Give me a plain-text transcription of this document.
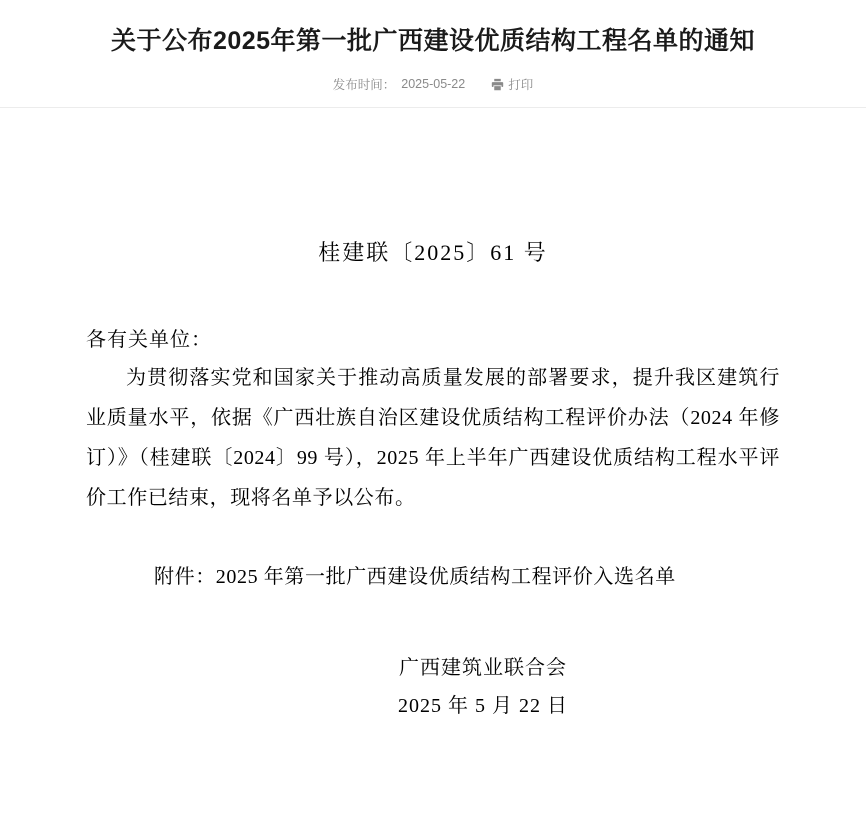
关于公布2025年第一批广西建设优质结构工程名单的通知
发布时间： 2025-05-22	打印

桂建联〔2025〕61 号

各有关单位：

为贯彻落实党和国家关于推动高质量发展的部署要求，提升我区建筑行业质量水平，依据《广西壮族自治区建设优质结构工程评价办法（2024 年修订）》（桂建联〔2024〕99 号），2025 年上半年广西建设优质结构工程水平评价工作已结束，现将名单予以公布。

附件：2025 年第一批广西建设优质结构工程评价入选名单

广西建筑业联合会

2025 年 5 月 22 日
